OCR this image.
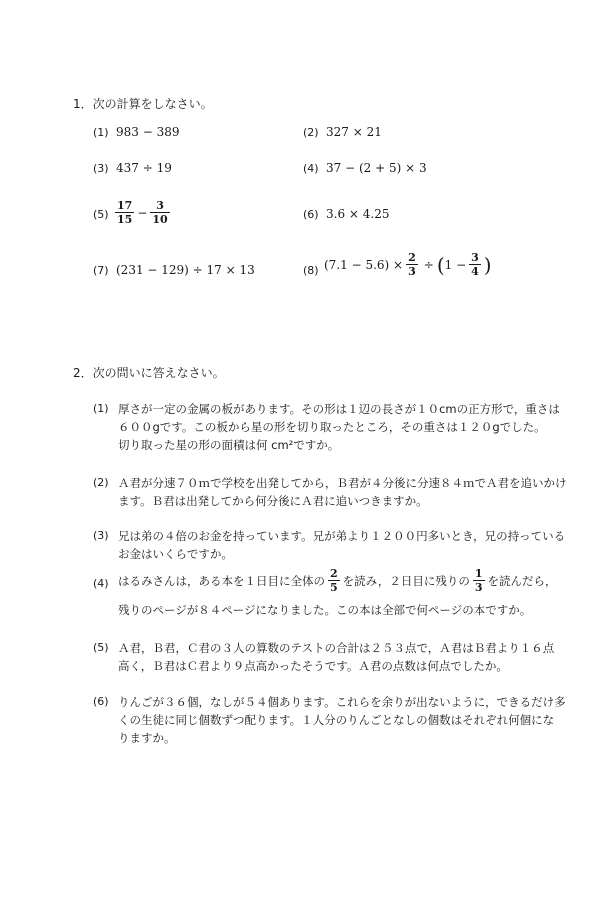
1．次の計算をしなさい。
(1) 983 − 389	(2) 327 × 21
(3) 437 ÷ 19	(4) 37 − (2 + 5) × 3
$(5) \frac{17}{15} - \frac{3}{10}$	(6) 3.6 × 4.25
(7) (231 − 129) ÷ 17 × 13	(8) $(7.1 - 5.6) \times \frac{2}{3}$ ÷ ( $1 - \frac{3}{4}$ )
2．次の問いに答えなさい。
(1) 厚さが一定の金属の板があります。その形は１辺の長さが１０cmの正方形で，重さは
６００gです。この板から星の形を切り取ったところ，その重さは１２０gでした。
切り取った星の形の面積は何 cm²ですか。
(2) Ａ君が分速７０ｍで学校を出発してから，Ｂ君が４分後に分速８４ｍでＡ君を追いかけ
ます。Ｂ君は出発してから何分後にＡ君に追いつきますか。
(3) 兄は弟の４倍のお金を持っています。兄が弟より１２００円多いとき，兄の持っている
お金はいくらですか。
(4) はるみさんは，ある本を１日目に全体の $\frac{2}{5}$ を読み，２日目に残りの $\frac{1}{3}$ を読んだら，
残りのページが８４ページになりました。この本は全部で何ページの本ですか。
(5) Ａ君，Ｂ君，Ｃ君の３人の算数のテストの合計は２５３点で，Ａ君はＢ君より１６点
高く，Ｂ君はＣ君より９点高かったそうです。Ａ君の点数は何点でしたか。
(6) りんごが３６個，なしが５４個あります。これらを余りが出ないように，できるだけ多
くの生徒に同じ個数ずつ配ります。１人分のりんごとなしの個数はそれぞれ何個にな
りますか。
